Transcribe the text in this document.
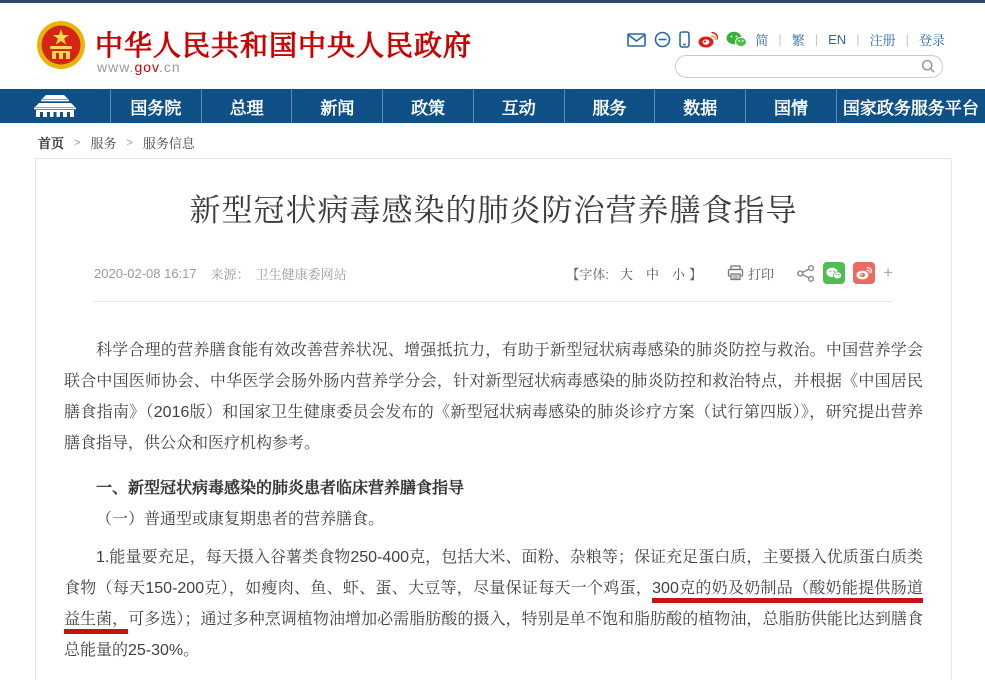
中华人民共和国中央人民政府
www.gov.cn
简 | 繁 | EN | 注册 | 登录
国务院	总理	新闻	政策	互动	服务	数据	国情	国家政务服务平台
首页 > 服务 > 服务信息
新型冠状病毒感染的肺炎防治营养膳食指导
2020-02-08 16:17 来源： 卫生健康委网站	【字体: 大 中 小 】	打印	+

科学合理的营养膳食能有效改善营养状况、增强抵抗力，有助于新型冠状病毒感染的肺炎防控与救治。中国营养学会联合中国医师协会、中华医学会肠外肠内营养学分会，针对新型冠状病毒感染的肺炎防控和救治特点，并根据《中国居民膳食指南》（2016版）和国家卫生健康委员会发布的《新型冠状病毒感染的肺炎诊疗方案（试行第四版）》，研究提出营养膳食指导，供公众和医疗机构参考。

一、新型冠状病毒感染的肺炎患者临床营养膳食指导

（一）普通型或康复期患者的营养膳食。

1.能量要充足，每天摄入谷薯类食物250-400克，包括大米、面粉、杂粮等；保证充足蛋白质，主要摄入优质蛋白质类食物（每天150-200克），如瘦肉、鱼、虾、蛋、大豆等，尽量保证每天一个鸡蛋，300克的奶及奶制品（酸奶能提供肠道益生菌，可多选）；通过多种烹调植物油增加必需脂肪酸的摄入，特别是单不饱和脂肪酸的植物油，总脂肪供能比达到膳食总能量的25-30%。
